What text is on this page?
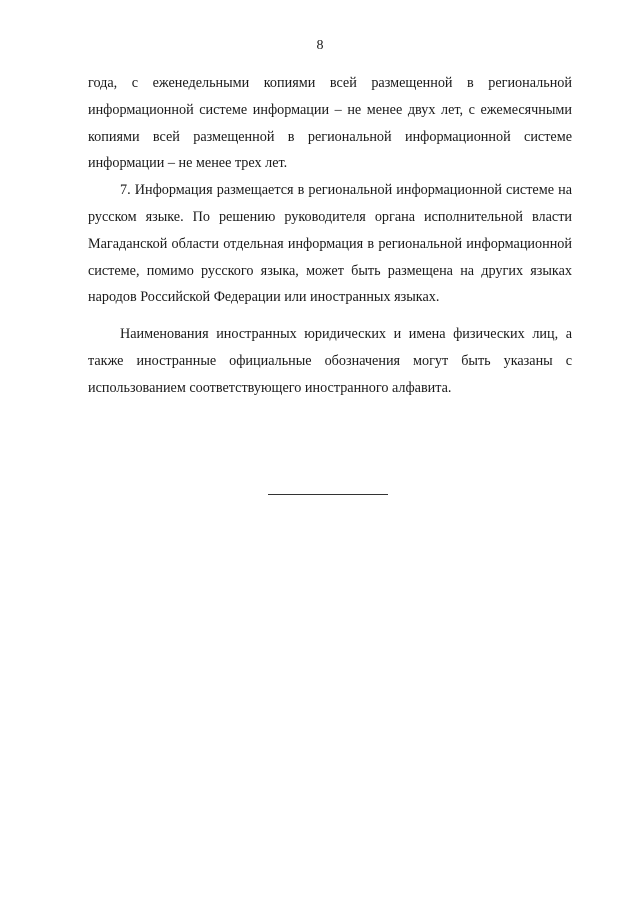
8

года, с еженедельными копиями всей размещенной в региональной информационной системе информации – не менее двух лет, с ежемесячными копиями всей размещенной в региональной информационной системе информации – не менее трех лет.

7. Информация размещается в региональной информационной системе на русском языке. По решению руководителя органа исполнительной власти Магаданской области отдельная информация в региональной информационной системе, помимо русского языка, может быть размещена на других языках народов Российской Федерации или иностранных языках.

Наименования иностранных юридических и имена физических лиц, а также иностранные официальные обозначения могут быть указаны с использованием соответствующего иностранного алфавита.
